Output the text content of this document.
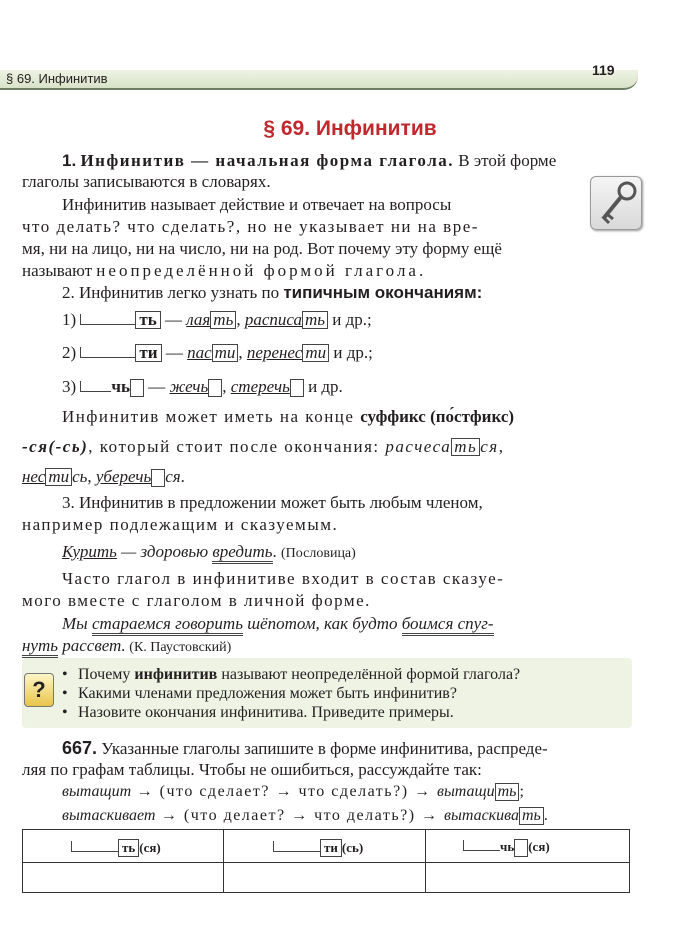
§ 69. Инфинитив
119
§ 69. Инфинитив
1. Инфинитив — начальная форма глагола. В этой форме
глаголы записываются в словарях.
Инфинитив называет действие и отвечает на вопросы
что делать? что сделать?, но не указывает ни на вре-
мя, ни на лицо, ни на число, ни на род. Вот почему эту форму ещё
называют неопределённой формой глагола.
2. Инфинитив легко узнать по типичным окончаниям:
1)	ть — лая ть , расписа ть и др.;
2)	ти — пас ти , перенес ти и др.;
3) чь — жечь , стеречь и др.
Инфинитив может иметь на конце суффикс (по́стфикс)
-ся(-сь), который стоит после окончания: расчеса ть ся,
нес ти сь, уберечь ся.
3. Инфинитив в предложении может быть любым членом,
например подлежащим и сказуемым.
Курить — здоровью вредить. (Пословица)
Часто глагол в инфинитиве входит в состав сказуе-
мого вместе с глаголом в личной форме.
Мы стараемся говорить шёпотом, как будто боимся спуг-
нуть рассвет. (К. Паустовский)
?
• Почему инфинитив называют неопределённой формой глагола?
• Какими членами предложения может быть инфинитив?
• Назовите окончания инфинитива. Приведите примеры.
667. Указанные глаголы запишите в форме инфинитива, распреде-
ляя по графам таблицы. Чтобы не ошибиться, рассуждайте так:
вытащит → (что сделает? → что сделать?) → вытащи ть ;
вытаскивает → (что делает? → что делать?) → вытаскива ть .
ть (ся)	ти (сь)	чь (ся)
